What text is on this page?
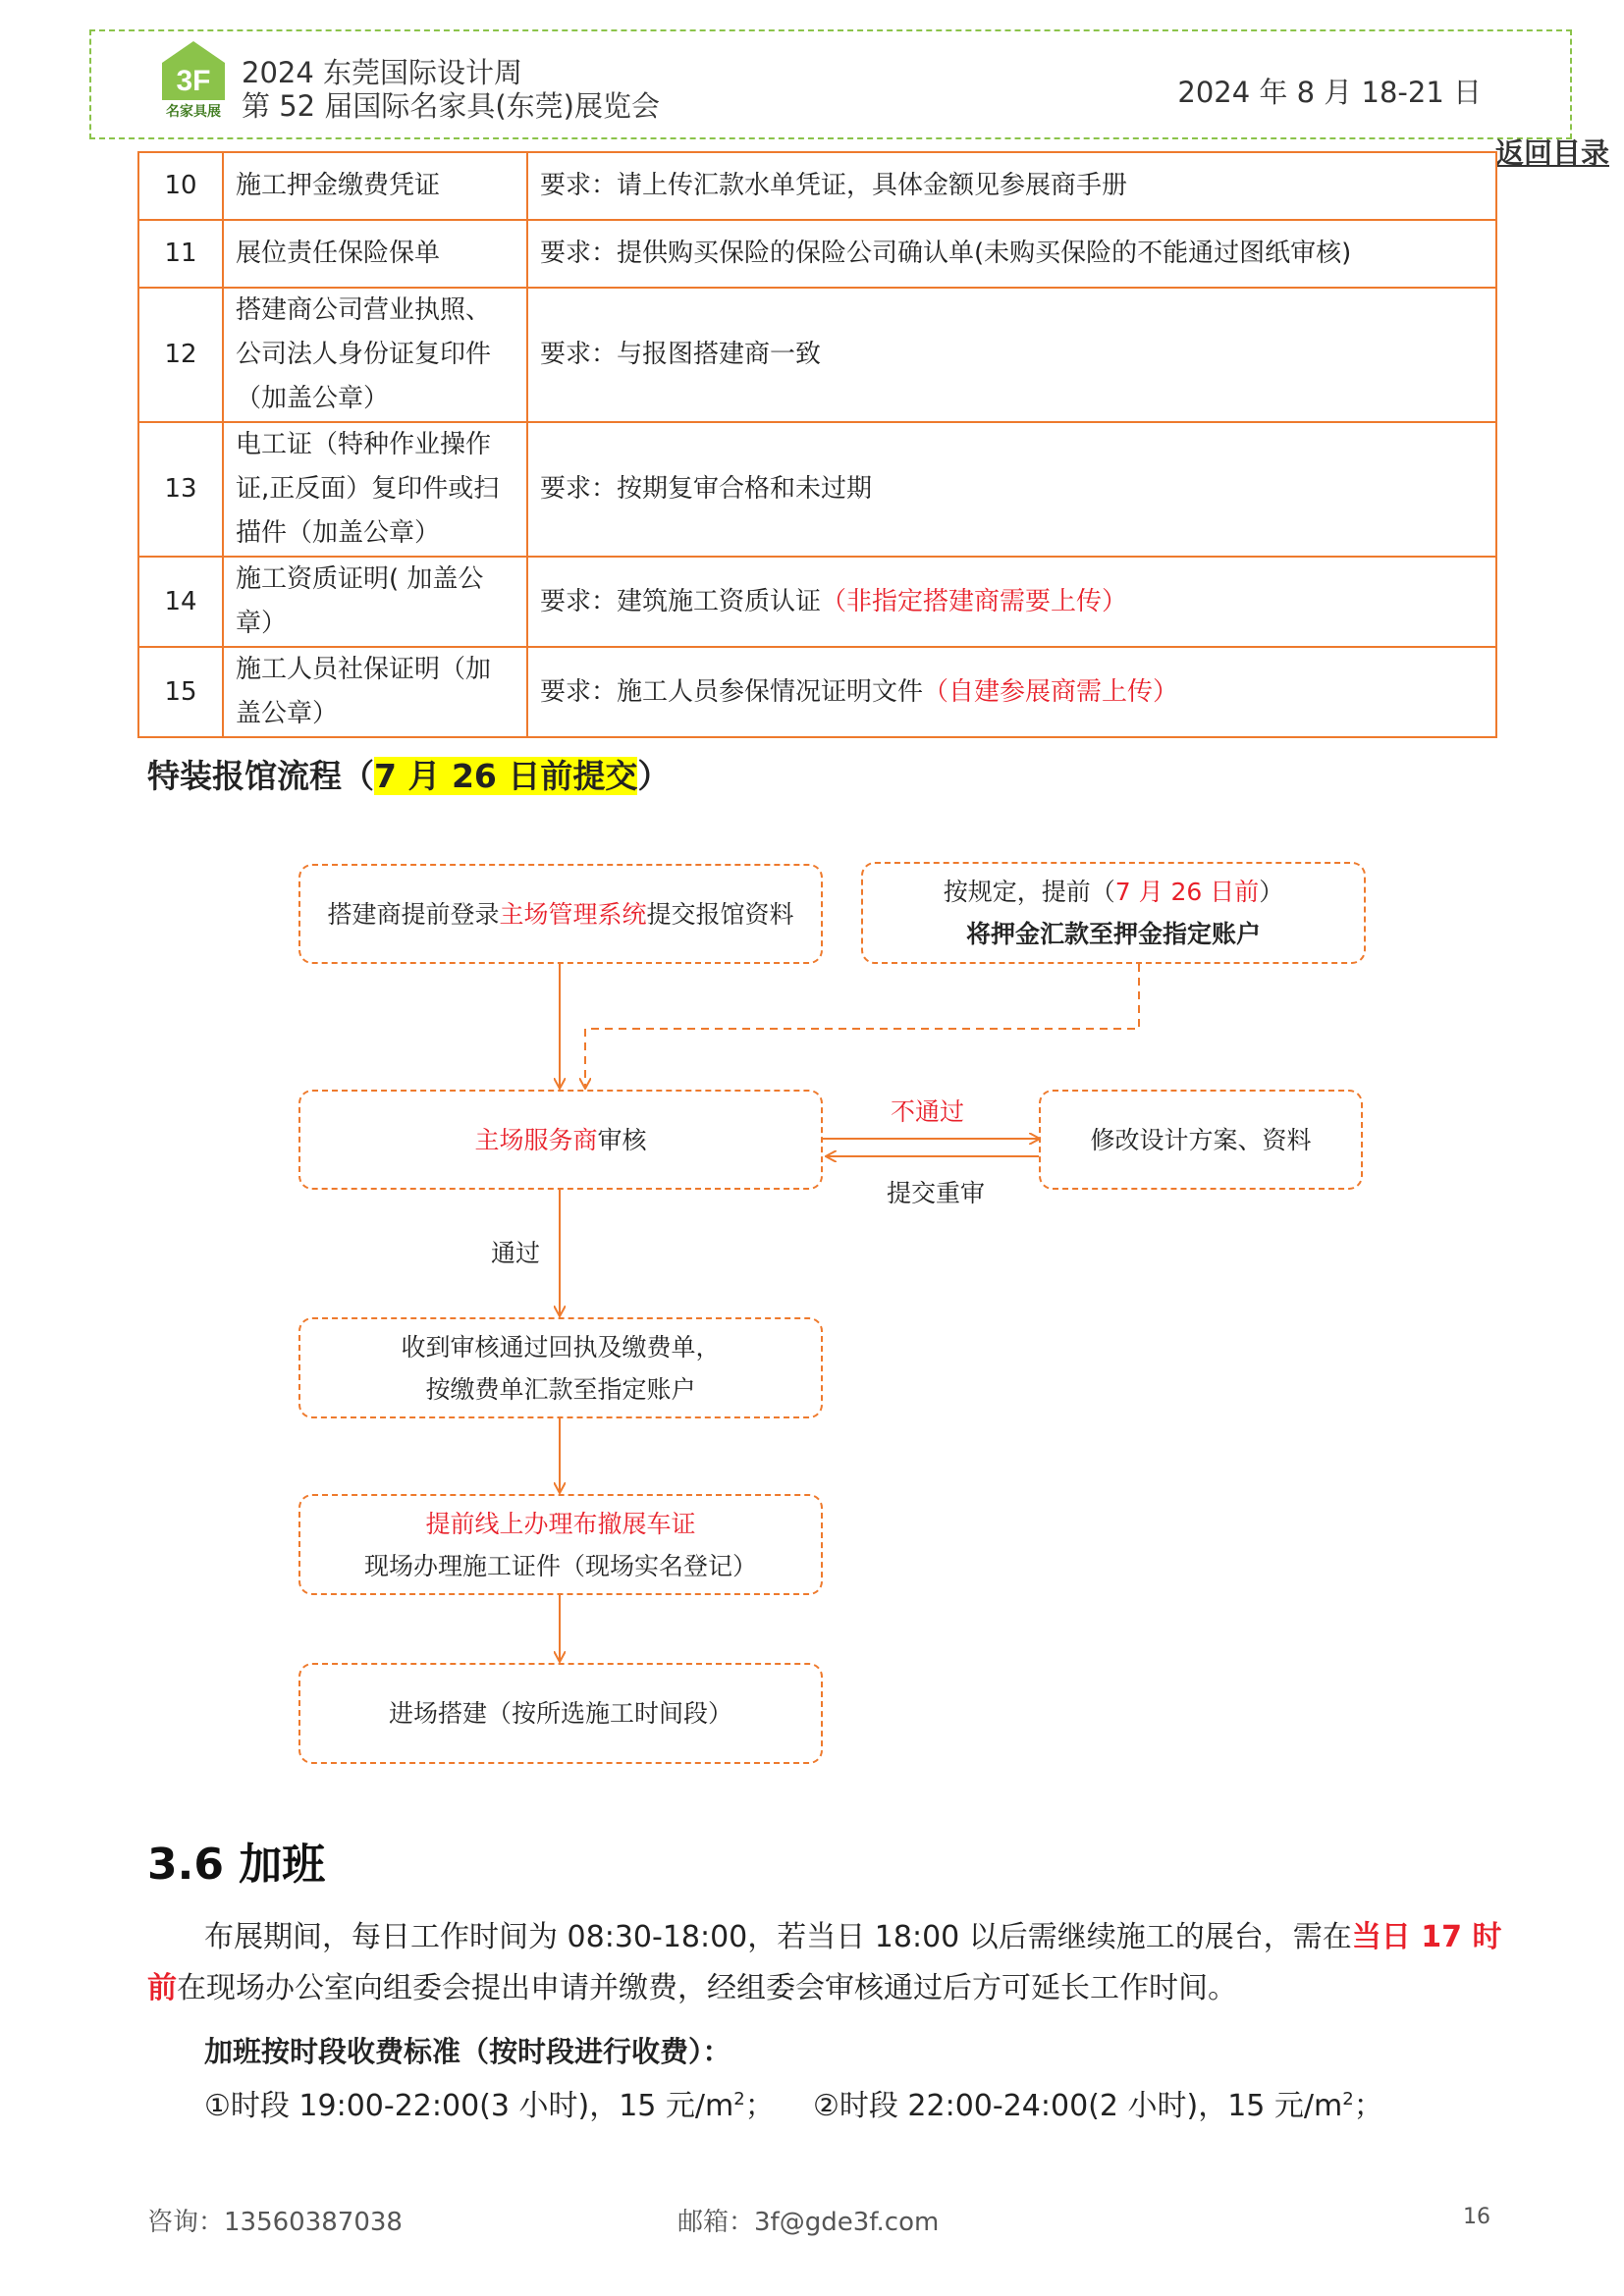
3F
名家具展
2024 东莞国际设计周
第 52 届国际名家具(东莞)展览会	2024 年 8 月 18-21 日
返回目录
10	施工押金缴费凭证	要求：请上传汇款水单凭证，具体金额见参展商手册
11	展位责任保险保单	要求：提供购买保险的保险公司确认单(未购买保险的不能通过图纸审核)
12	搭建商公司营业执照、公司法人身份证复印件（加盖公章）	要求：与报图搭建商一致
13	电工证（特种作业操作证,正反面）复印件或扫描件（加盖公章）	要求：按期复审合格和未过期
14	施工资质证明( 加盖公章）	要求：建筑施工资质认证（非指定搭建商需要上传）
15	施工人员社保证明（加盖公章）	要求：施工人员参保情况证明文件（自建参展商需上传）
特装报馆流程（7 月 26 日前提交）
搭建商提前登录主场管理系统提交报馆资料
按规定，提前（7 月 26 日前）
将押金汇款至押金指定账户
主场服务商审核	修改设计方案、资料
不通过
提交重审
通过
收到审核通过回执及缴费单，
按缴费单汇款至指定账户
提前线上办理布撤展车证
现场办理施工证件（现场实名登记）
进场搭建（按所选施工时间段）
3.6 加班
布展期间，每日工作时间为 08:30-18:00，若当日 18:00 以后需继续施工的展台，需在当日 17 时前在现场办公室向组委会提出申请并缴费，经组委会审核通过后方可延长工作时间。
加班按时段收费标准（按时段进行收费）：
①时段 19:00-22:00(3 小时)，15 元$/m^2$； ②时段 22:00-24:00(2 小时)，15 元$/m^2$；
咨询：13560387038	邮箱：3f@gde3f.com	16
